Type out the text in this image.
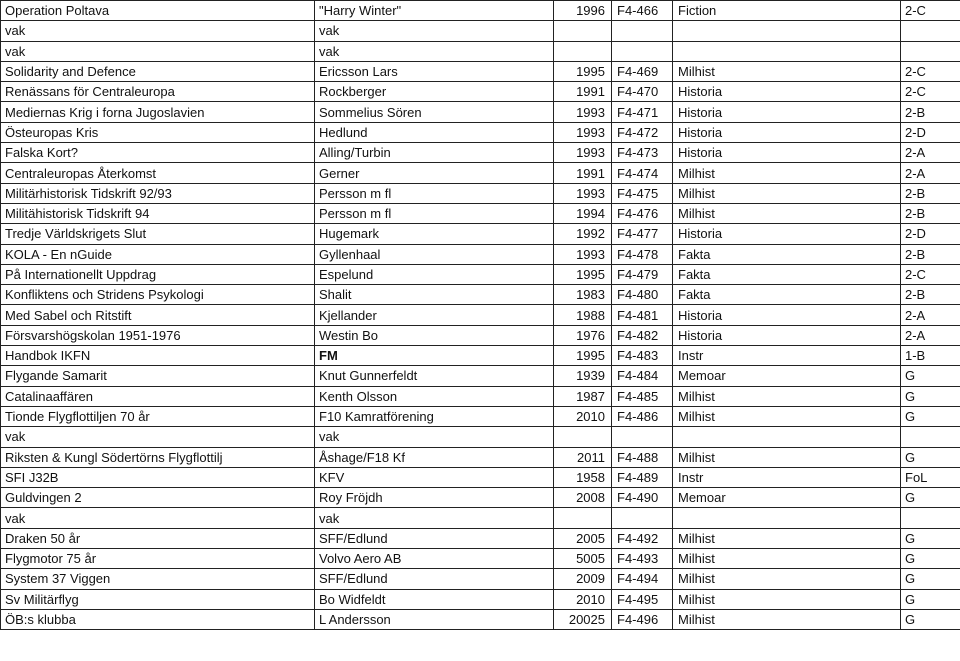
Operation Poltava	"Harry Winter"	1996	F4-466	Fiction	2-C
vak	vak				
vak	vak				
Solidarity and Defence	Ericsson Lars	1995	F4-469	Milhist	2-C
Renässans för Centraleuropa	Rockberger	1991	F4-470	Historia	2-C
Mediernas Krig i forna Jugoslavien	Sommelius Sören	1993	F4-471	Historia	2-B
Östeuropas Kris	Hedlund	1993	F4-472	Historia	2-D
Falska Kort?	Alling/Turbin	1993	F4-473	Historia	2-A
Centraleuropas Återkomst	Gerner	1991	F4-474	Milhist	2-A
Militärhistorisk Tidskrift 92/93	Persson m fl	1993	F4-475	Milhist	2-B
Militähistorisk Tidskrift 94	Persson m fl	1994	F4-476	Milhist	2-B
Tredje Världskrigets Slut	Hugemark	1992	F4-477	Historia	2-D
KOLA - En nGuide	Gyllenhaal	1993	F4-478	Fakta	2-B
På Internationellt Uppdrag	Espelund	1995	F4-479	Fakta	2-C
Konfliktens och Stridens Psykologi	Shalit	1983	F4-480	Fakta	2-B
Med Sabel och Ritstift	Kjellander	1988	F4-481	Historia	2-A
Försvarshögskolan 1951-1976	Westin Bo	1976	F4-482	Historia	2-A
Handbok IKFN	FM	1995	F4-483	Instr	1-B
Flygande Samarit	Knut Gunnerfeldt	1939	F4-484	Memoar	G
Catalinaaffären	Kenth Olsson	1987	F4-485	Milhist	G
Tionde Flygflottiljen 70 år	F10 Kamratförening	2010	F4-486	Milhist	G
vak	vak				
Riksten & Kungl Södertörns Flygflottilj	Åshage/F18 Kf	2011	F4-488	Milhist	G
SFI J32B	KFV	1958	F4-489	Instr	FoL
Guldvingen 2	Roy Fröjdh	2008	F4-490	Memoar	G
vak	vak				
Draken 50 år	SFF/Edlund	2005	F4-492	Milhist	G
Flygmotor 75 år	Volvo Aero AB	5005	F4-493	Milhist	G
System 37 Viggen	SFF/Edlund	2009	F4-494	Milhist	G
Sv Militärflyg	Bo Widfeldt	2010	F4-495	Milhist	G
ÖB:s klubba	L Andersson	20025	F4-496	Milhist	G
